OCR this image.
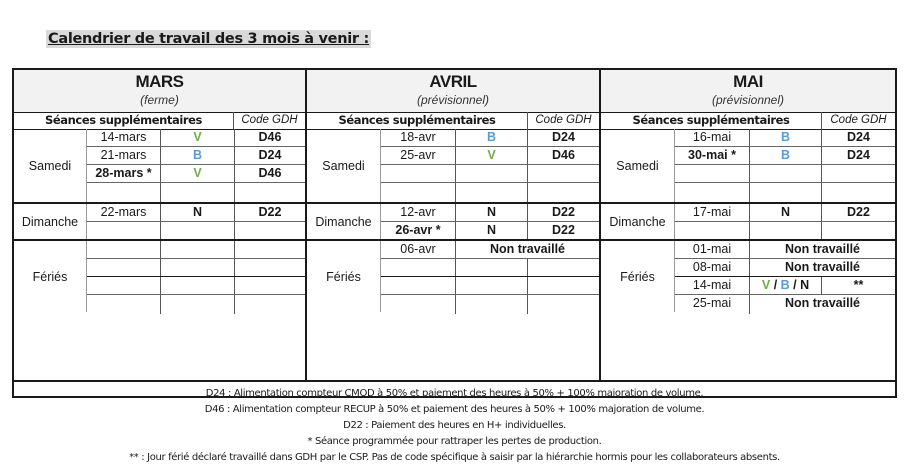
Calendrier de travail des 3 mois à venir :
MARS
(ferme)
Séances supplémentaires	Code GDH
Samedi
14-mars	V	D46
21-mars	B	D24
28-mars *	V	D46
Dimanche
22-mars	N	D22
Fériés
AVRIL
(prévisionnel)
Séances supplémentaires	Code GDH
Samedi
18-avr	B	D24
25-avr	V	D46
Dimanche
12-avr	N	D22
26-avr *	N	D22
Fériés
06-avr	Non travaillé
MAI
(prévisionnel)
Séances supplémentaires	Code GDH
Samedi
16-mai	B	D24
30-mai *	B	D24
Dimanche
17-mai	N	D22
Fériés
01-mai	Non travaillé
08-mai	Non travaillé
14-mai	V / B / N	**
25-mai	Non travaillé
D24 : Alimentation compteur CMOD à 50% et paiement des heures à 50% + 100% majoration de volume.
D46 : Alimentation compteur RECUP à 50% et paiement des heures à 50% + 100% majoration de volume.
D22 : Paiement des heures en H+ individuelles.
* Séance programmée pour rattraper les pertes de production.
** : Jour férié déclaré travaillé dans GDH par le CSP. Pas de code spécifique à saisir par la hiérarchie hormis pour les collaborateurs absents.
